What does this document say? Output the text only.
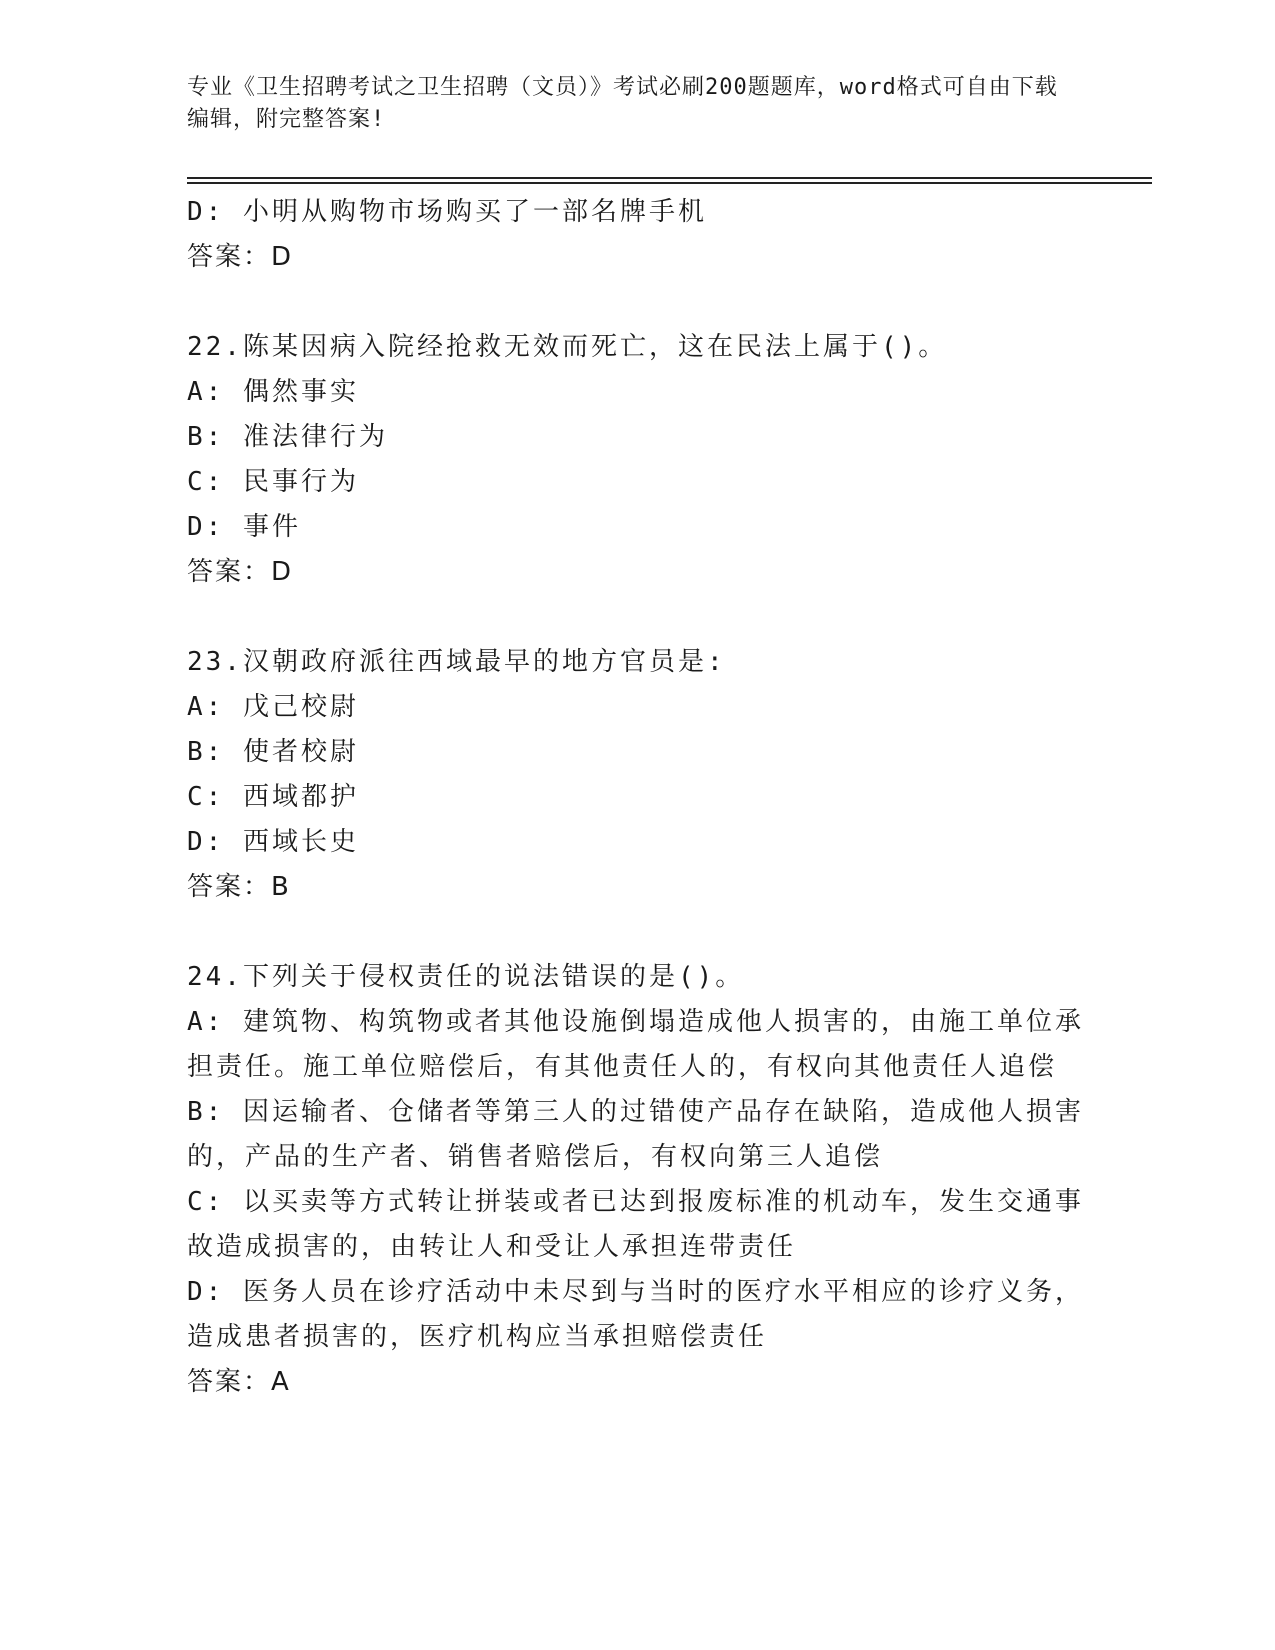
专业《卫生招聘考试之卫生招聘（文员）》考试必刷200题题库，word格式可自由下载编辑，附完整答案!
D: 小明从购物市场购买了一部名牌手机
答案：D
22.陈某因病入院经抢救无效而死亡，这在民法上属于()。
A: 偶然事实
B: 准法律行为
C: 民事行为
D: 事件
答案：D
23.汉朝政府派往西域最早的地方官员是:
A: 戊己校尉
B: 使者校尉
C: 西域都护
D: 西域长史
答案：B
24.下列关于侵权责任的说法错误的是()。
A: 建筑物、构筑物或者其他设施倒塌造成他人损害的，由施工单位承
担责任。施工单位赔偿后，有其他责任人的，有权向其他责任人追偿
B: 因运输者、仓储者等第三人的过错使产品存在缺陷，造成他人损害
的，产品的生产者、销售者赔偿后，有权向第三人追偿
C: 以买卖等方式转让拼装或者已达到报废标准的机动车，发生交通事
故造成损害的，由转让人和受让人承担连带责任
D: 医务人员在诊疗活动中未尽到与当时的医疗水平相应的诊疗义务，
造成患者损害的，医疗机构应当承担赔偿责任
答案：A
